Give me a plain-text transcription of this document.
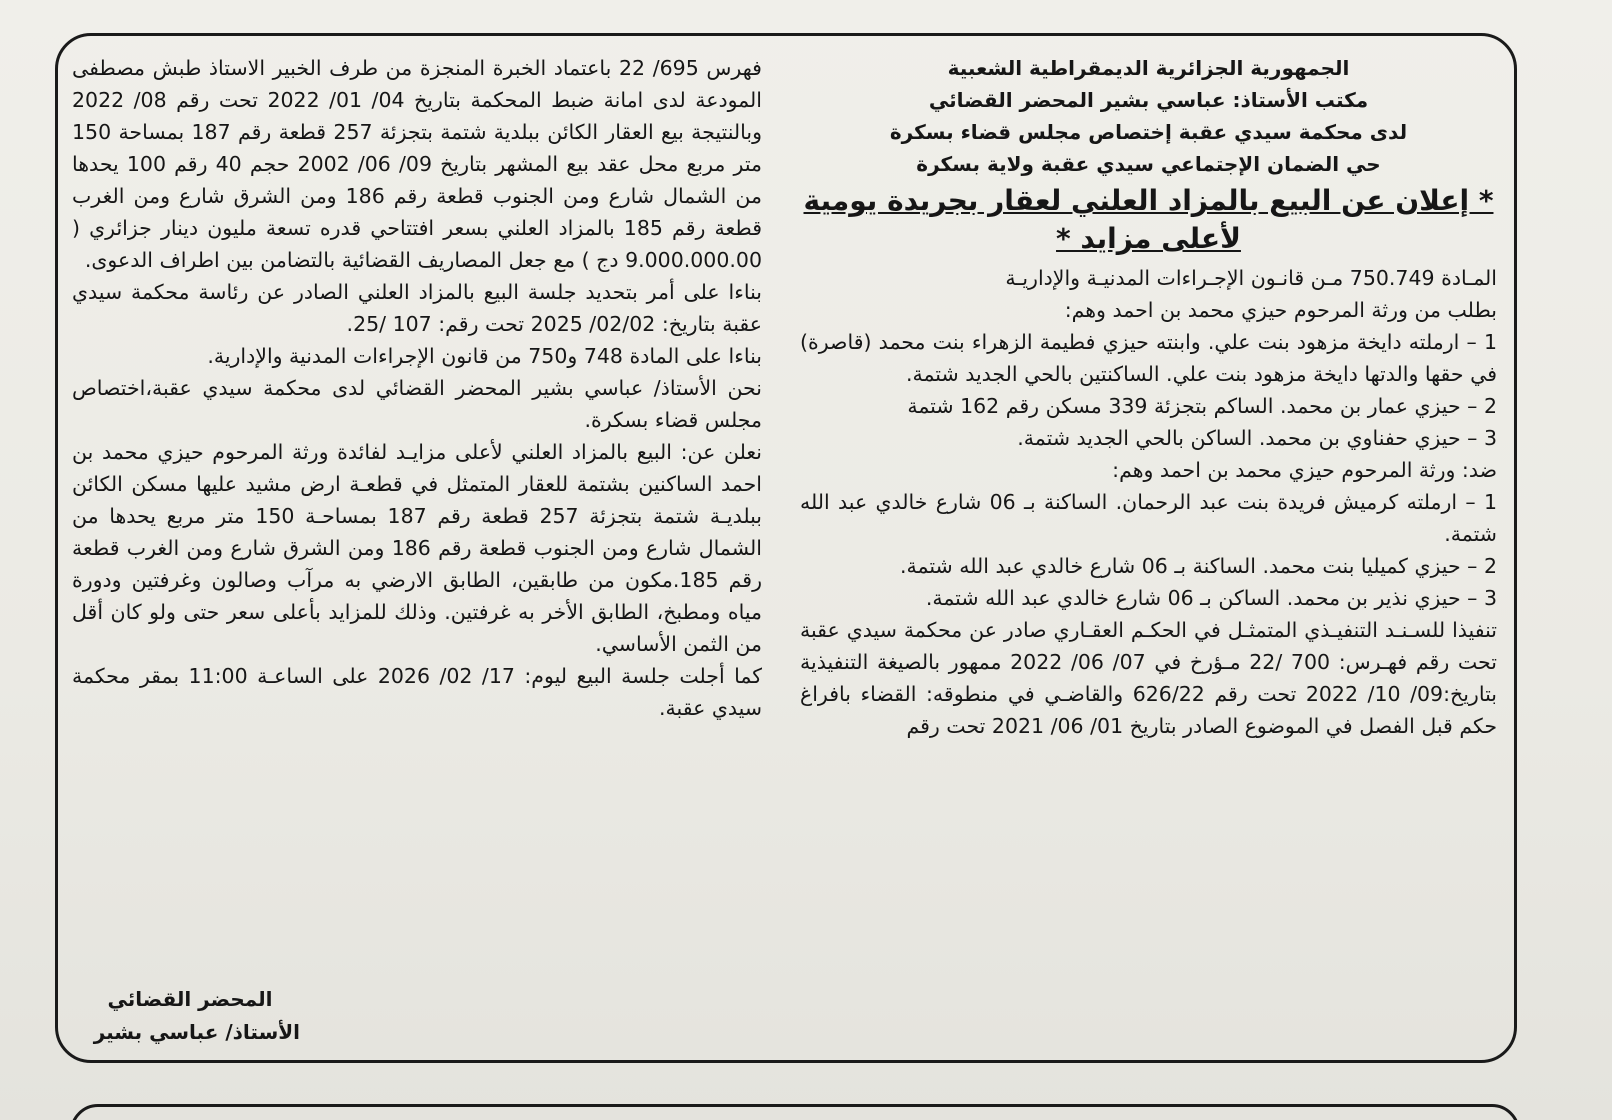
الجمهورية الجزائرية الديمقراطية الشعبية
مكتب الأستاذ: عباسي بشير المحضر القضائي
لدى محكمة سيدي عقبة إختصاص مجلس قضاء بسكرة
حي الضمان الإجتماعي سيدي عقبة ولاية بسكرة
* إعلان عن البيع بالمزاد العلني لعقار بجريدة يومية لأعلى مزايد *

المـادة 750.749 مـن قانـون الإجـراءات المدنيـة والإداريـة

بطلب من ورثة المرحوم حيزي محمد بن احمد وهم:

1 – ارملته دايخة مزهود بنت علي. وابنته حيزي فطيمة الزهراء بنت محمد (قاصرة) في حقها والدتها دايخة مزهود بنت علي. الساكنتين بالحي الجديد شتمة.

2 – حيزي عمار بن محمد. الساكم بتجزئة 339 مسكن رقم 162 شتمة

3 – حيزي حفناوي بن محمد. الساكن بالحي الجديد شتمة.

ضد: ورثة المرحوم حيزي محمد بن احمد وهم:

1 – ارملته كرميش فريدة بنت عبد الرحمان. الساكنة بـ 06 شارع خالدي عبد الله شتمة.

2 – حيزي كميليا بنت محمد. الساكنة بـ 06 شارع خالدي عبد الله شتمة.

3 – حيزي نذير بن محمد. الساكن بـ 06 شارع خالدي عبد الله شتمة.

تنفيذا للسـنـد التنفيـذي المتمثـل في الحكـم العقـاري صادر عن محكمة سيدي عقبة تحت رقم فهـرس: 700 /22 مـؤرخ في 07/ 06/ 2022 ممهور بالصيغة التنفيذية بتاريخ:09/ 10/ 2022 تحت رقم 626/22 والقاضـي في منطوقه: القضاء بافراغ حكم قبل الفصل في الموضوع الصادر بتاريخ 01/ 06/ 2021 تحت رقم

فهرس 695/ 22 باعتماد الخبرة المنجزة من طرف الخبير الاستاذ طبش مصطفى المودعة لدى امانة ضبط المحكمة بتاريخ 04/ 01/ 2022 تحت رقم 08/ 2022 وبالنتيجة بيع العقار الكائن ببلدية شتمة بتجزئة 257 قطعة رقم 187 بمساحة 150 متر مربع محل عقد بيع المشهر بتاريخ 09/ 06/ 2002 حجم 40 رقم 100 يحدها من الشمال شارع ومن الجنوب قطعة رقم 186 ومن الشرق شارع ومن الغرب قطعة رقم 185 بالمزاد العلني بسعر افتتاحي قدره تسعة مليون دينار جزائري ( 9.000.000.00 دج ) مع جعل المصاريف القضائية بالتضامن بين اطراف الدعوى.

بناءا على أمر بتحديد جلسة البيع بالمزاد العلني الصادر عن رئاسة محكمة سيدي عقبة بتاريخ: 02/02/ 2025 تحت رقم: 107 /25.

بناءا على المادة 748 و750 من قانون الإجراءات المدنية والإدارية.

نحن الأستاذ/ عباسي بشير المحضر القضائي لدى محكمة سيدي عقبة،اختصاص مجلس قضاء بسكرة.

نعلن عن: البيع بالمزاد العلني لأعلى مزايـد لفائدة ورثة المرحوم حيزي محمد بن احمد الساكنين بشتمة للعقار المتمثل في قطعـة ارض مشيد عليها مسكن الكائن ببلديـة شتمة بتجزئة 257 قطعة رقم 187 بمساحـة 150 متر مربع يحدها من الشمال شارع ومن الجنوب قطعة رقم 186 ومن الشرق شارع ومن الغرب قطعة رقم 185.مكون من طابقين، الطابق الارضي به مرآب وصالون وغرفتين ودورة مياه ومطبخ، الطابق الأخر به غرفتين. وذلك للمزايد بأعلى سعر حتى ولو كان أقل من الثمن الأساسي.

كما أجلت جلسة البيع ليوم: 17/ 02/ 2026 على الساعـة 11:00 بمقر محكمة سيدي عقبة.

المحضر القضائي
الأستاذ/ عباسي بشير
